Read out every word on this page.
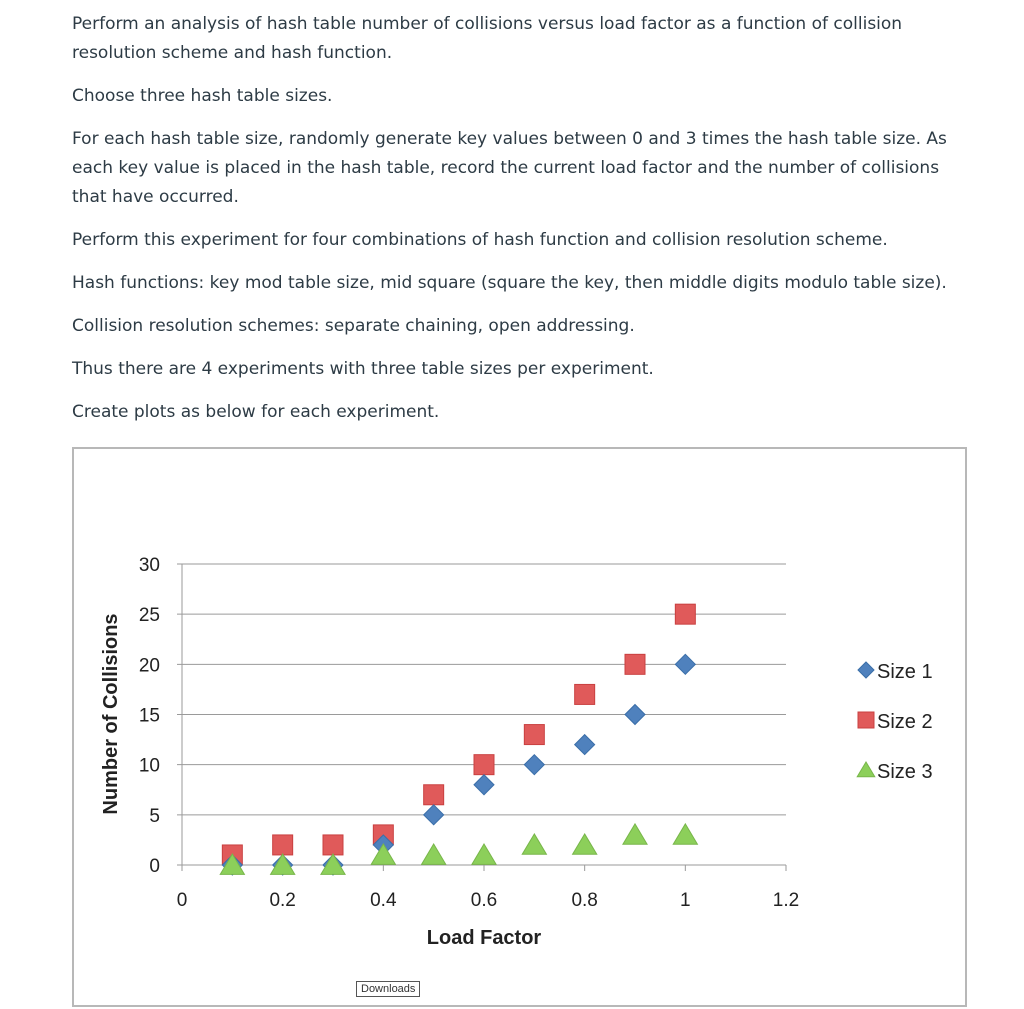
Perform an analysis of hash table number of collisions versus load factor as a function of collision resolution scheme and hash function.

Choose three hash table sizes.

For each hash table size, randomly generate key values between 0 and 3 times the hash table size. As each key value is placed in the hash table, record the current load factor and the number of collisions that have occurred.

Perform this experiment for four combinations of hash function and collision resolution scheme.

Hash functions: key mod table size, mid square (square the key, then middle digits modulo table size).

Collision resolution schemes: separate chaining, open addressing.

Thus there are 4 experiments with three table sizes per experiment.

Create plots as below for each experiment.

0
5
10
15
20
25
30
0	0.2	0.4	0.6	0.8	1	1.2
Size 1
Size 2
Size 3
Load Factor
Number of Collisions
Downloads
